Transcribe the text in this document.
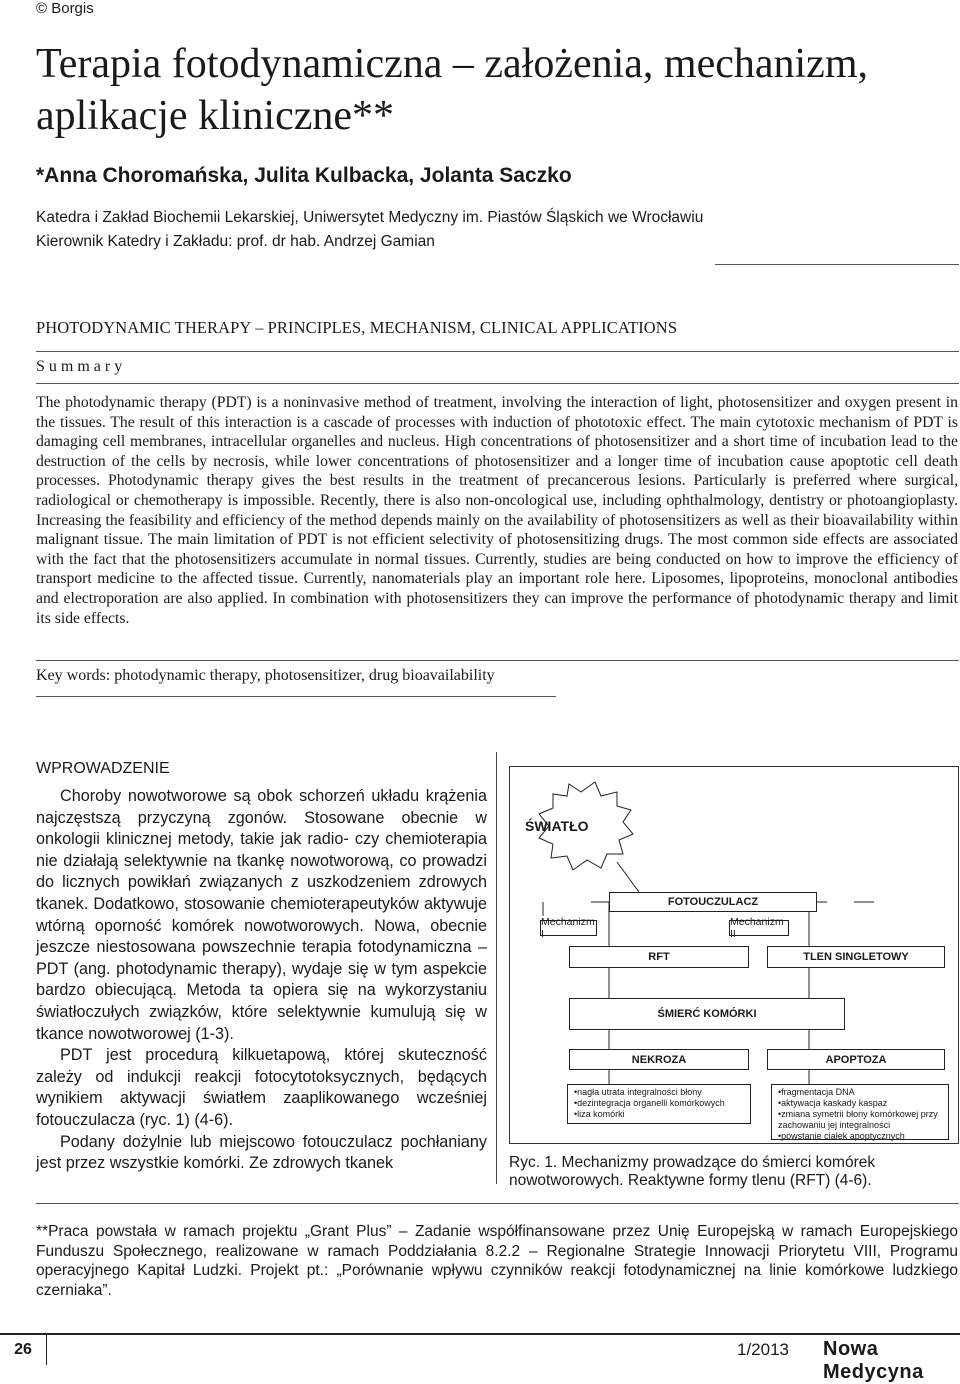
© Borgis
Terapia fotodynamiczna – założenia, mechanizm, aplikacje kliniczne**
*Anna Choromańska, Julita Kulbacka, Jolanta Saczko
Katedra i Zakład Biochemii Lekarskiej, Uniwersytet Medyczny im. Piastów Śląskich we Wrocławiu
Kierownik Katedry i Zakładu: prof. dr hab. Andrzej Gamian
PHOTODYNAMIC THERAPY – PRINCIPLES, MECHANISM, CLINICAL APPLICATIONS
Summary

The photodynamic therapy (PDT) is a noninvasive method of treatment, involving the interaction of light, photosensitizer and oxygen present in the tissues. The result of this interaction is a cascade of processes with induction of phototoxic effect. The main cytotoxic mechanism of PDT is damaging cell membranes, intracellular organelles and nucleus. High concentrations of photosensitizer and a short time of incubation lead to the destruction of the cells by necrosis, while lower concentrations of photosensitizer and a longer time of incubation cause apoptotic cell death processes. Photodynamic therapy gives the best results in the treatment of precancerous lesions. Particularly is preferred where surgical, radiological or chemotherapy is impossible. Recently, there is also non-oncological use, including ophthalmology, dentistry or photoangioplasty. Increasing the feasibility and efficiency of the method depends mainly on the availability of photosensitizers as well as their bioavailability within malignant tissue. The main limitation of PDT is not efficient selectivity of photosensitizing drugs. The most common side effects are associated with the fact that the photosensitizers accumulate in normal tissues. Currently, studies are being conducted on how to improve the efficiency of transport medicine to the affected tissue. Currently, nanomaterials play an important role here. Liposomes, lipoproteins, monoclonal antibodies and electroporation are also applied. In combination with photosensitizers they can improve the performance of photodynamic therapy and limit its side effects.

Key words: photodynamic therapy, photosensitizer, drug bioavailability
WPROWADZENIE

Choroby nowotworowe są obok schorzeń układu krążenia najczęstszą przyczyną zgonów. Stosowane obecnie w onkologii klinicznej metody, takie jak radio- czy chemioterapia nie działają selektywnie na tkankę nowotworową, co prowadzi do licznych powikłań związanych z uszkodzeniem zdrowych tkanek. Dodatkowo, stosowanie chemioterapeutyków aktywuje wtórną oporność komórek nowotworowych. Nowa, obecnie jeszcze niestosowana powszechnie terapia fotodynamiczna – PDT (ang. photodynamic therapy), wydaje się w tym aspekcie bardzo obiecującą. Metoda ta opiera się na wykorzystaniu światłoczułych związków, które selektywnie kumulują się w tkance nowotworowej (1-3).

PDT jest procedurą kilkuetapową, której skuteczność zależy od indukcji reakcji fotocytotoksycznych, będących wynikiem aktywacji światłem zaaplikowanego wcześniej fotouczulacza (ryc. 1) (4-6).

Podany dożylnie lub miejscowo fotouczulacz pochłaniany jest przez wszystkie komórki. Ze zdrowych tkanek

ŚWIATŁO
FOTOUCZULACZ
Mechanizm I
Mechanizm II
RFT	TLEN SINGLETOWY
ŚMIERĆ KOMÓRKI
NEKROZA	APOPTOZA
• nagła utrata integralności błony
• dezintegracja organelli komórkowych
• liza komórki
• fragmentacja DNA
• aktywacja kaskady kaspaz
• zmiana symetrii błony komórkowej przy zachowaniu jej integralności
• powstanie ciałek apoptycznych
Ryc. 1. Mechanizmy prowadzące do śmierci komórek nowotworowych. Reaktywne formy tlenu (RFT) (4-6).

**Praca powstała w ramach projektu „Grant Plus” – Zadanie współfinansowane przez Unię Europejską w ramach Europejskiego Funduszu Społecznego, realizowane w ramach Poddziałania 8.2.2 – Regionalne Strategie Innowacji Priorytetu VIII, Programu operacyjnego Kapitał Ludzki. Projekt pt.: „Porównanie wpływu czynników reakcji fotodynamicznej na linie komórkowe ludzkiego czerniaka”.

26	1/2013 Nowa Medycyna
